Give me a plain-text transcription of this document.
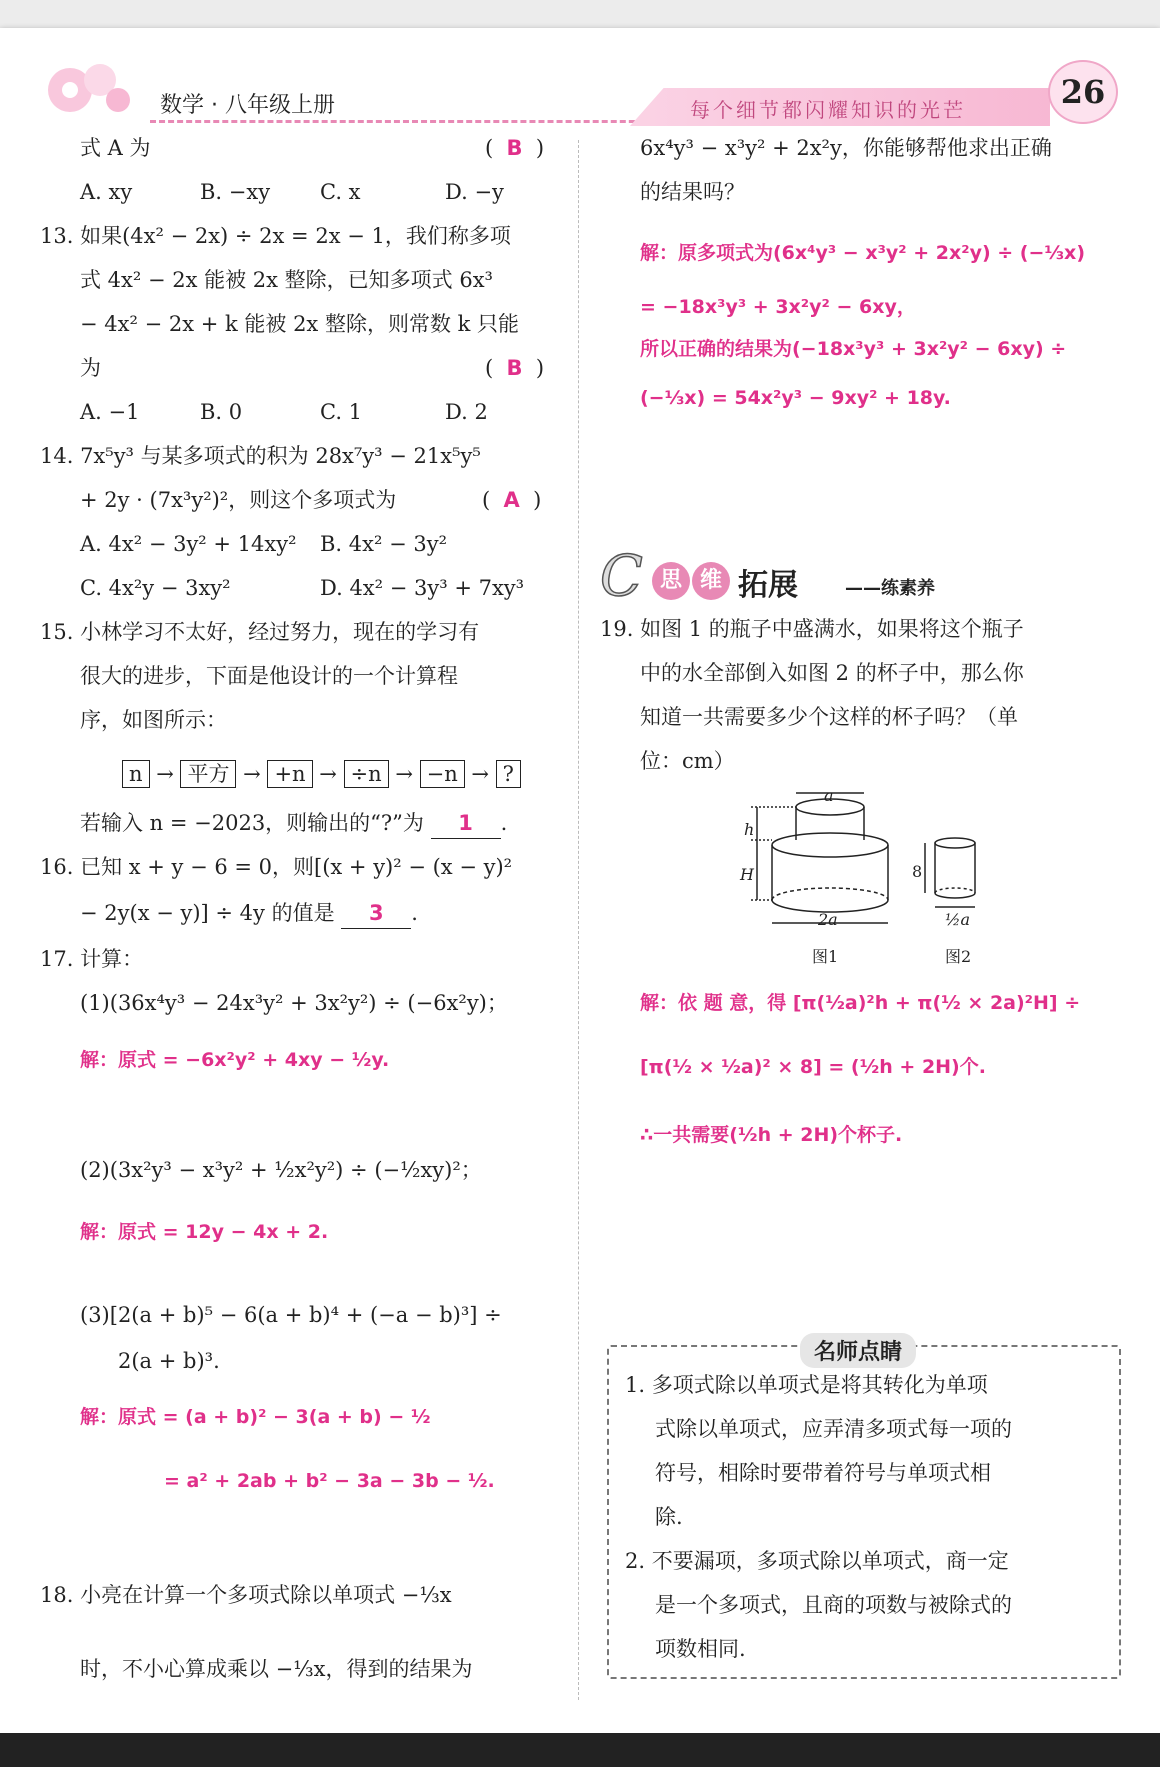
数学 · 八年级上册	每个细节都闪耀知识的光芒	26
式 A 为	(  B  )
A. xy	B. −xy C. x	D. −y
13. 如果(4x² − 2x) ÷ 2x = 2x − 1，我们称多项
式 4x² − 2x 能被 2x 整除，已知多项式 6x³
− 4x² − 2x + k 能被 2x 整除，则常数 k 只能
为	(  B  )
A. −1	B. 0	C. 1	D. 2
14. 7x⁵y³ 与某多项式的积为 28x⁷y³ − 21x⁵y⁵
+ 2y · (7x³y²)²，则这个多项式为	(  A  )
A. 4x² − 3y² + 14xy² B. 4x² − 3y²
C. 4x²y − 3xy²	D. 4x² − 3y³ + 7xy³
15. 小林学习不太好，经过努力，现在的学习有
很大的进步，下面是他设计的一个计算程
序，如图所示：
n → 平方 → +n → ÷n → −n → ?
若输入 n = −2023，则输出的“?”为 1 .
16. 已知 x + y − 6 = 0，则[(x + y)² − (x − y)²
− 2y(x − y)] ÷ 4y 的值是 3 .
17. 计算：
(1)(36x⁴y³ − 24x³y² + 3x²y²) ÷ (−6x²y)；
解：原式 = −6x²y² + 4xy − ½y.
(2)(3x²y³ − x³y² + ½x²y²) ÷ (−½xy)²；
解：原式 = 12y − 4x + 2.
(3)[2(a + b)⁵ − 6(a + b)⁴ + (−a − b)³] ÷
2(a + b)³.
解：原式 = (a + b)² − 3(a + b) − ½
= a² + 2ab + b² − 3a − 3b − ½.
18. 小亮在计算一个多项式除以单项式 −⅓x
时，不小心算成乘以 −⅓x，得到的结果为
6x⁴y³ − x³y² + 2x²y，你能够帮他求出正确
的结果吗？
解：原多项式为(6x⁴y³ − x³y² + 2x²y) ÷ (−⅓x)
= −18x³y³ + 3x²y² − 6xy，
所以正确的结果为(−18x³y³ + 3x²y² − 6xy) ÷
(−⅓x) = 54x²y³ − 9xy² + 18y.
C 思 维 拓展	——练素养
19. 如图 1 的瓶子中盛满水，如果将这个瓶子
中的水全部倒入如图 2 的杯子中，那么你
知道一共需要多少个这样的杯子吗？（单
位：cm）
a
h
H
2a
8
½a
图1	图2
解：依 题 意，得 [π(½a)²h + π(½ × 2a)²H] ÷
[π(½ × ½a)² × 8] = (½h + 2H)个.
∴一共需要(½h + 2H)个杯子.
名师点睛
1. 多项式除以单项式是将其转化为单项
式除以单项式，应弄清多项式每一项的
符号，相除时要带着符号与单项式相
除.
2. 不要漏项，多项式除以单项式，商一定
是一个多项式，且商的项数与被除式的
项数相同.
